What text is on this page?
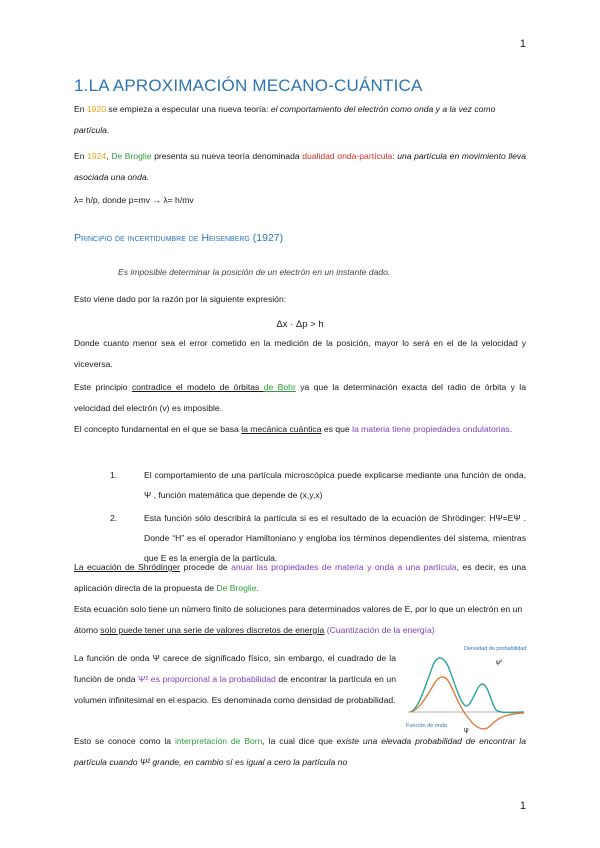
1
1.LA APROXIMACIÓN MECANO-CUÁNTICA

En 1920 se empieza a especular una nueva teoría: el comportamiento del electrón como onda y a la vez como partícula.

En 1924, De Broglie presenta su nueva teoría denominada dualidad onda-partícula: una partícula en movimiento lleva asociada una onda.

λ= h/p, donde p=mv → λ= h/mv

Principio de incertidumbre de Heisenberg (1927)

Es imposible determinar la posición de un electrón en un instante dado.

Esto viene dado por la razón por la siguiente expresión:

Δx · Δp > h

Donde cuanto menor sea el error cometido en la medición de la posición, mayor lo será en el de la velocidad y viceversa.

Este principio contradice el modelo de órbitas de Bohr ya que la determinación exacta del radio de órbita y la velocidad del electrón (v) es imposible.

El concepto fundamental en el que se basa la mecánica cuántica es que la materia tiene propiedades ondulatorias.

1.	El comportamiento de una partícula microscópica puede explicarse mediante una función de onda, Ψ , función matemática que depende de (x,y,x)
2.	Esta función sólo describirá la partícula si es el resultado de la ecuación de Shrödinger: HΨ=EΨ . Donde “H” es el operador Hamiltoniano y engloba los términos dependientes del sistema, mientras que E es la energía de la partícula.

La ecuación de Shrödinger procede de anuar las propiedades de materia y onda a una partícula, es decir, es una aplicación directa de la propuesta de De Broglie.

Esta ecuación solo tiene un número finito de soluciones para determinados valores de E, por lo que un electrón en un átomo solo puede tener una serie de valores discretos de energía (Cuantización de la energía)

La función de onda Ψ carece de significado físico, sin embargo, el cuadrado de la función de onda Ψ² es proporcional a la probabilidad de encontrar la partícula en un volumen infinitesimal en el espacio. Es denominada como densidad de probabilidad.

Densidad de probabilidad
ψ²
Función de onda ψ

Esto se conoce como la interpretación de Born, la cual dice que existe una elevada probabilidad de encontrar la partícula cuando Ψ² grande, en cambio sí es igual a cero la partícula no

1
